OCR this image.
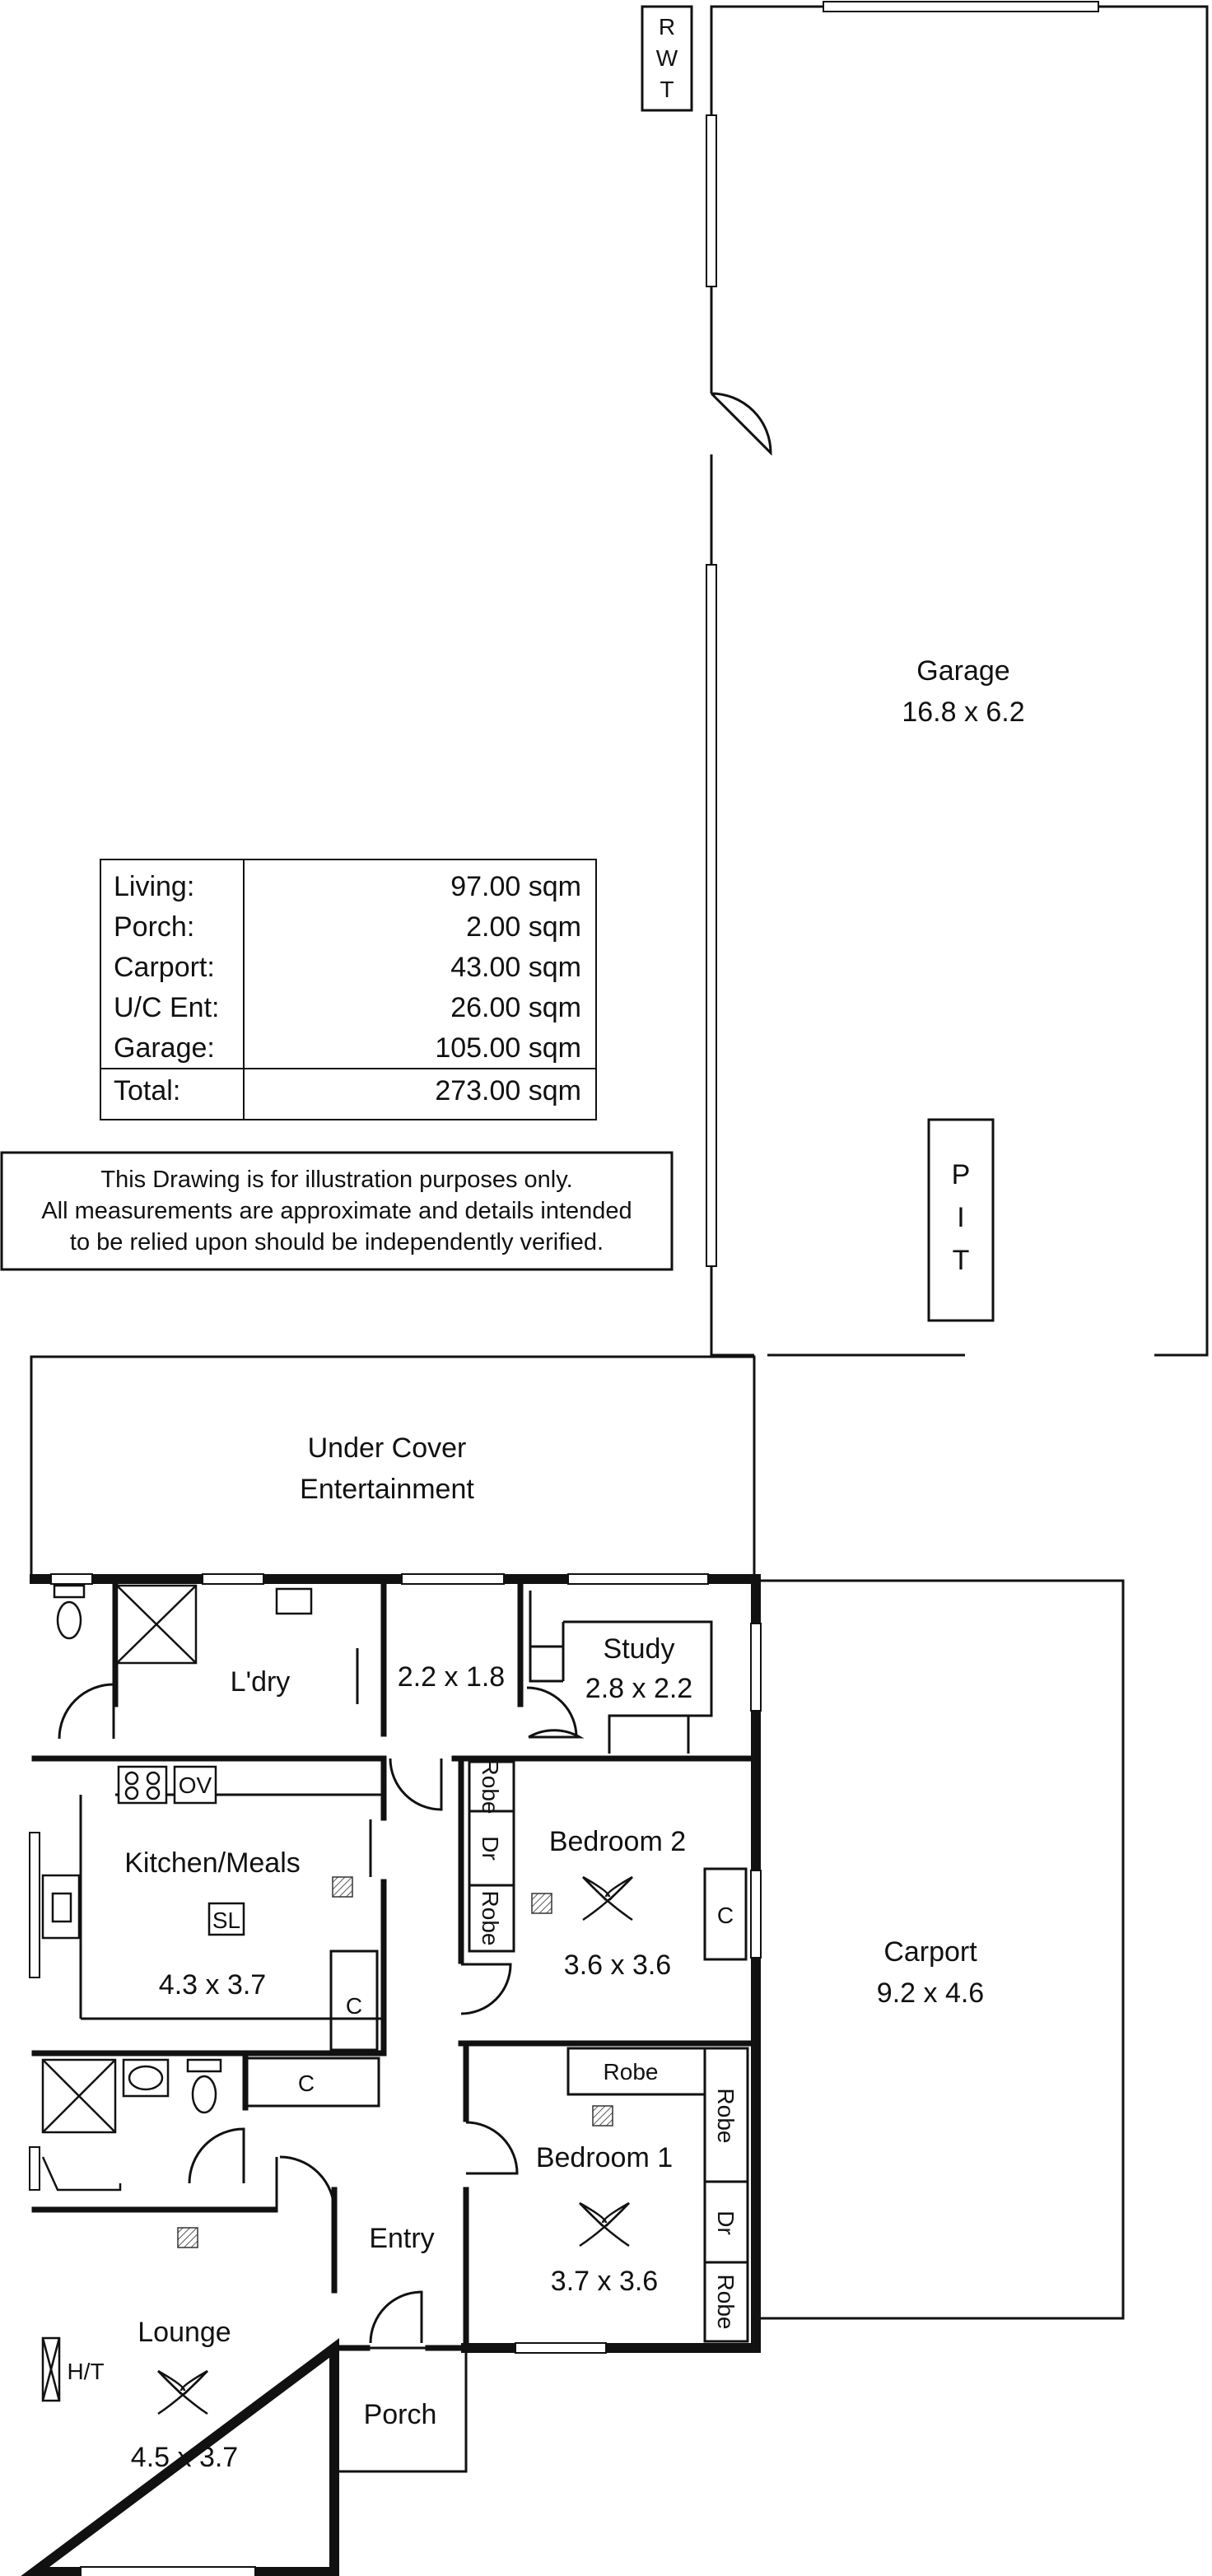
Garage
16.8 x 6.2
P
I
T
R
W
T
Living:	97.00 sqm
Porch:	2.00 sqm
Carport:	43.00 sqm
U/C Ent:	26.00 sqm
Garage:	105.00 sqm
Total:	273.00 sqm
This Drawing is for illustration purposes only.
All measurements are approximate and details intended
to be relied upon should be independently verified.
Under Cover
Entertainment
Carport
9.2 x 4.6
Porch
L'dry	2.2 x 1.8
Study
2.8 x 2.2
OV
Kitchen/Meals
SL
4.3 x 3.7
C
Bedroom 2
3.6 x 3.6
C
Robe
Dr
Robe
C	Robe
Bedroom 1
3.7 x 3.6
Robe
Dr
Robe
Entry
Lounge
4.5 x 3.7
H/T
